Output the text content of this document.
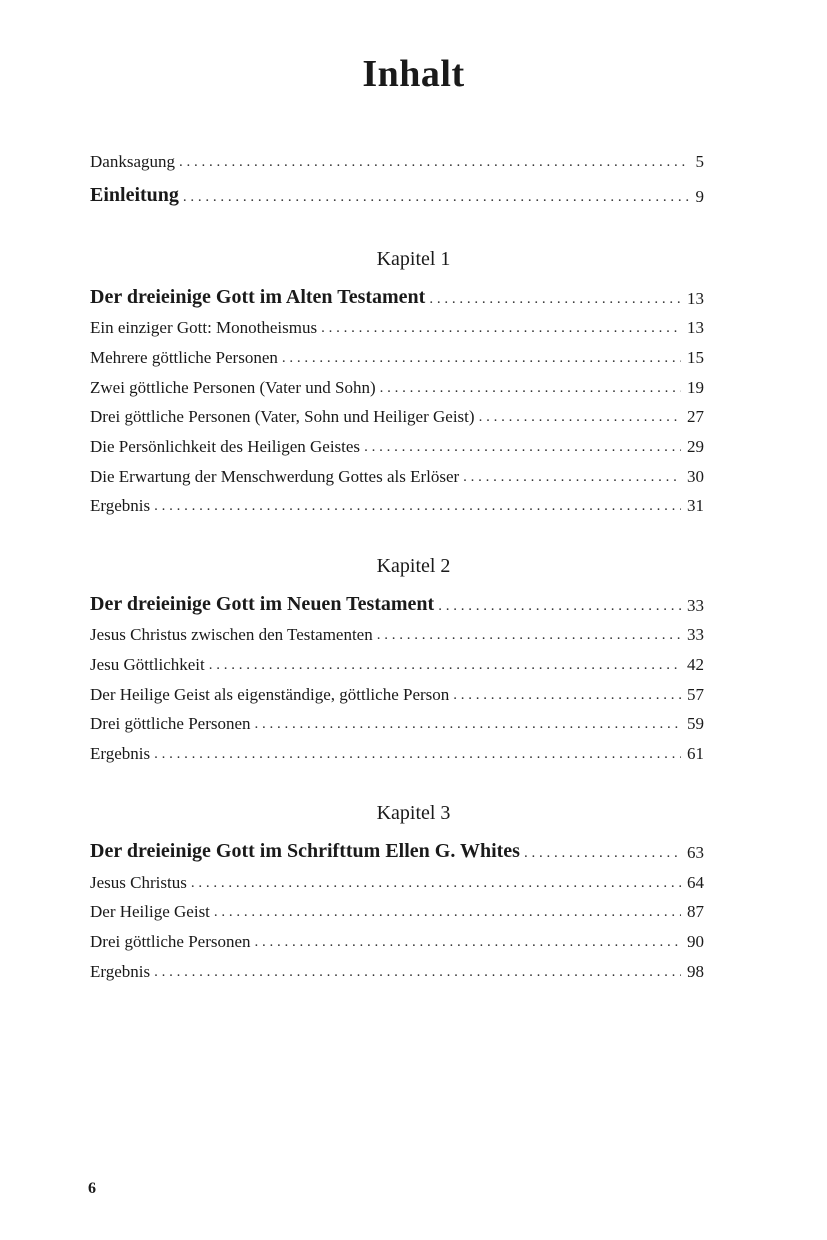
Inhalt
Danksagung . . .	5
Einleitung . . .	9
Kapitel 1
Der dreieinige Gott im Alten Testament . . .	13
Ein einziger Gott: Monotheismus . . .	13
Mehrere göttliche Personen . . .	15
Zwei göttliche Personen (Vater und Sohn) . . .	19
Drei göttliche Personen (Vater, Sohn und Heiliger Geist) . . .	27
Die Persönlichkeit des Heiligen Geistes . . .	29
Die Erwartung der Menschwerdung Gottes als Erlöser . . .	30
Ergebnis . . .	31
Kapitel 2
Der dreieinige Gott im Neuen Testament . . .	33
Jesus Christus zwischen den Testamenten . . .	33
Jesu Göttlichkeit . . .	42
Der Heilige Geist als eigenständige, göttliche Person . . .	57
Drei göttliche Personen . . .	59
Ergebnis . . .	61
Kapitel 3
Der dreieinige Gott im Schrifttum Ellen G. Whites . . .	63
Jesus Christus . . .	64
Der Heilige Geist . . .	87
Drei göttliche Personen . . .	90
Ergebnis . . .	98
6
